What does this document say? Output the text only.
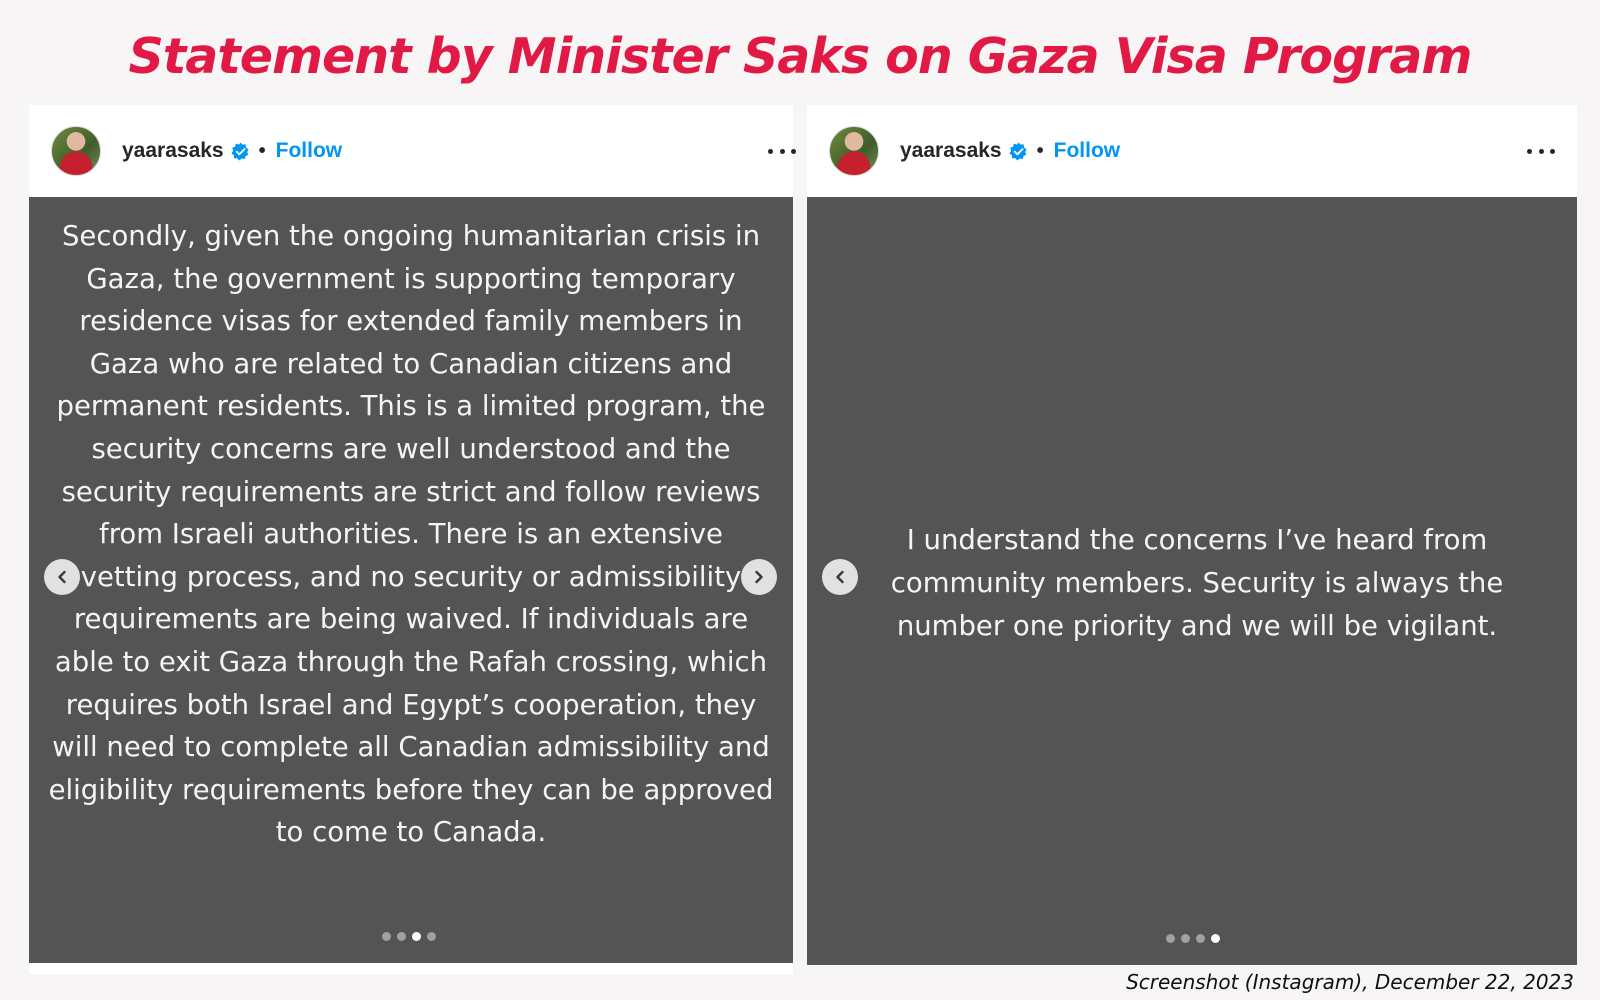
Statement by Minister Saks on Gaza Visa Program
yaarasaks • Follow
Secondly, given the ongoing humanitarian crisis in Gaza, the government is supporting temporary residence visas for extended family members in Gaza who are related to Canadian citizens and permanent residents. This is a limited program, the security concerns are well understood and the security requirements are strict and follow reviews from Israeli authorities. There is an extensive vetting process, and no security or admissibility requirements are being waived. If individuals are able to exit Gaza through the Rafah crossing, which requires both Israel and Egypt’s cooperation, they will need to complete all Canadian admissibility and eligibility requirements before they can be approved to come to Canada.
yaarasaks • Follow
I understand the concerns I’ve heard from community members. Security is always the number one priority and we will be vigilant.
Screenshot (Instagram), December 22, 2023
